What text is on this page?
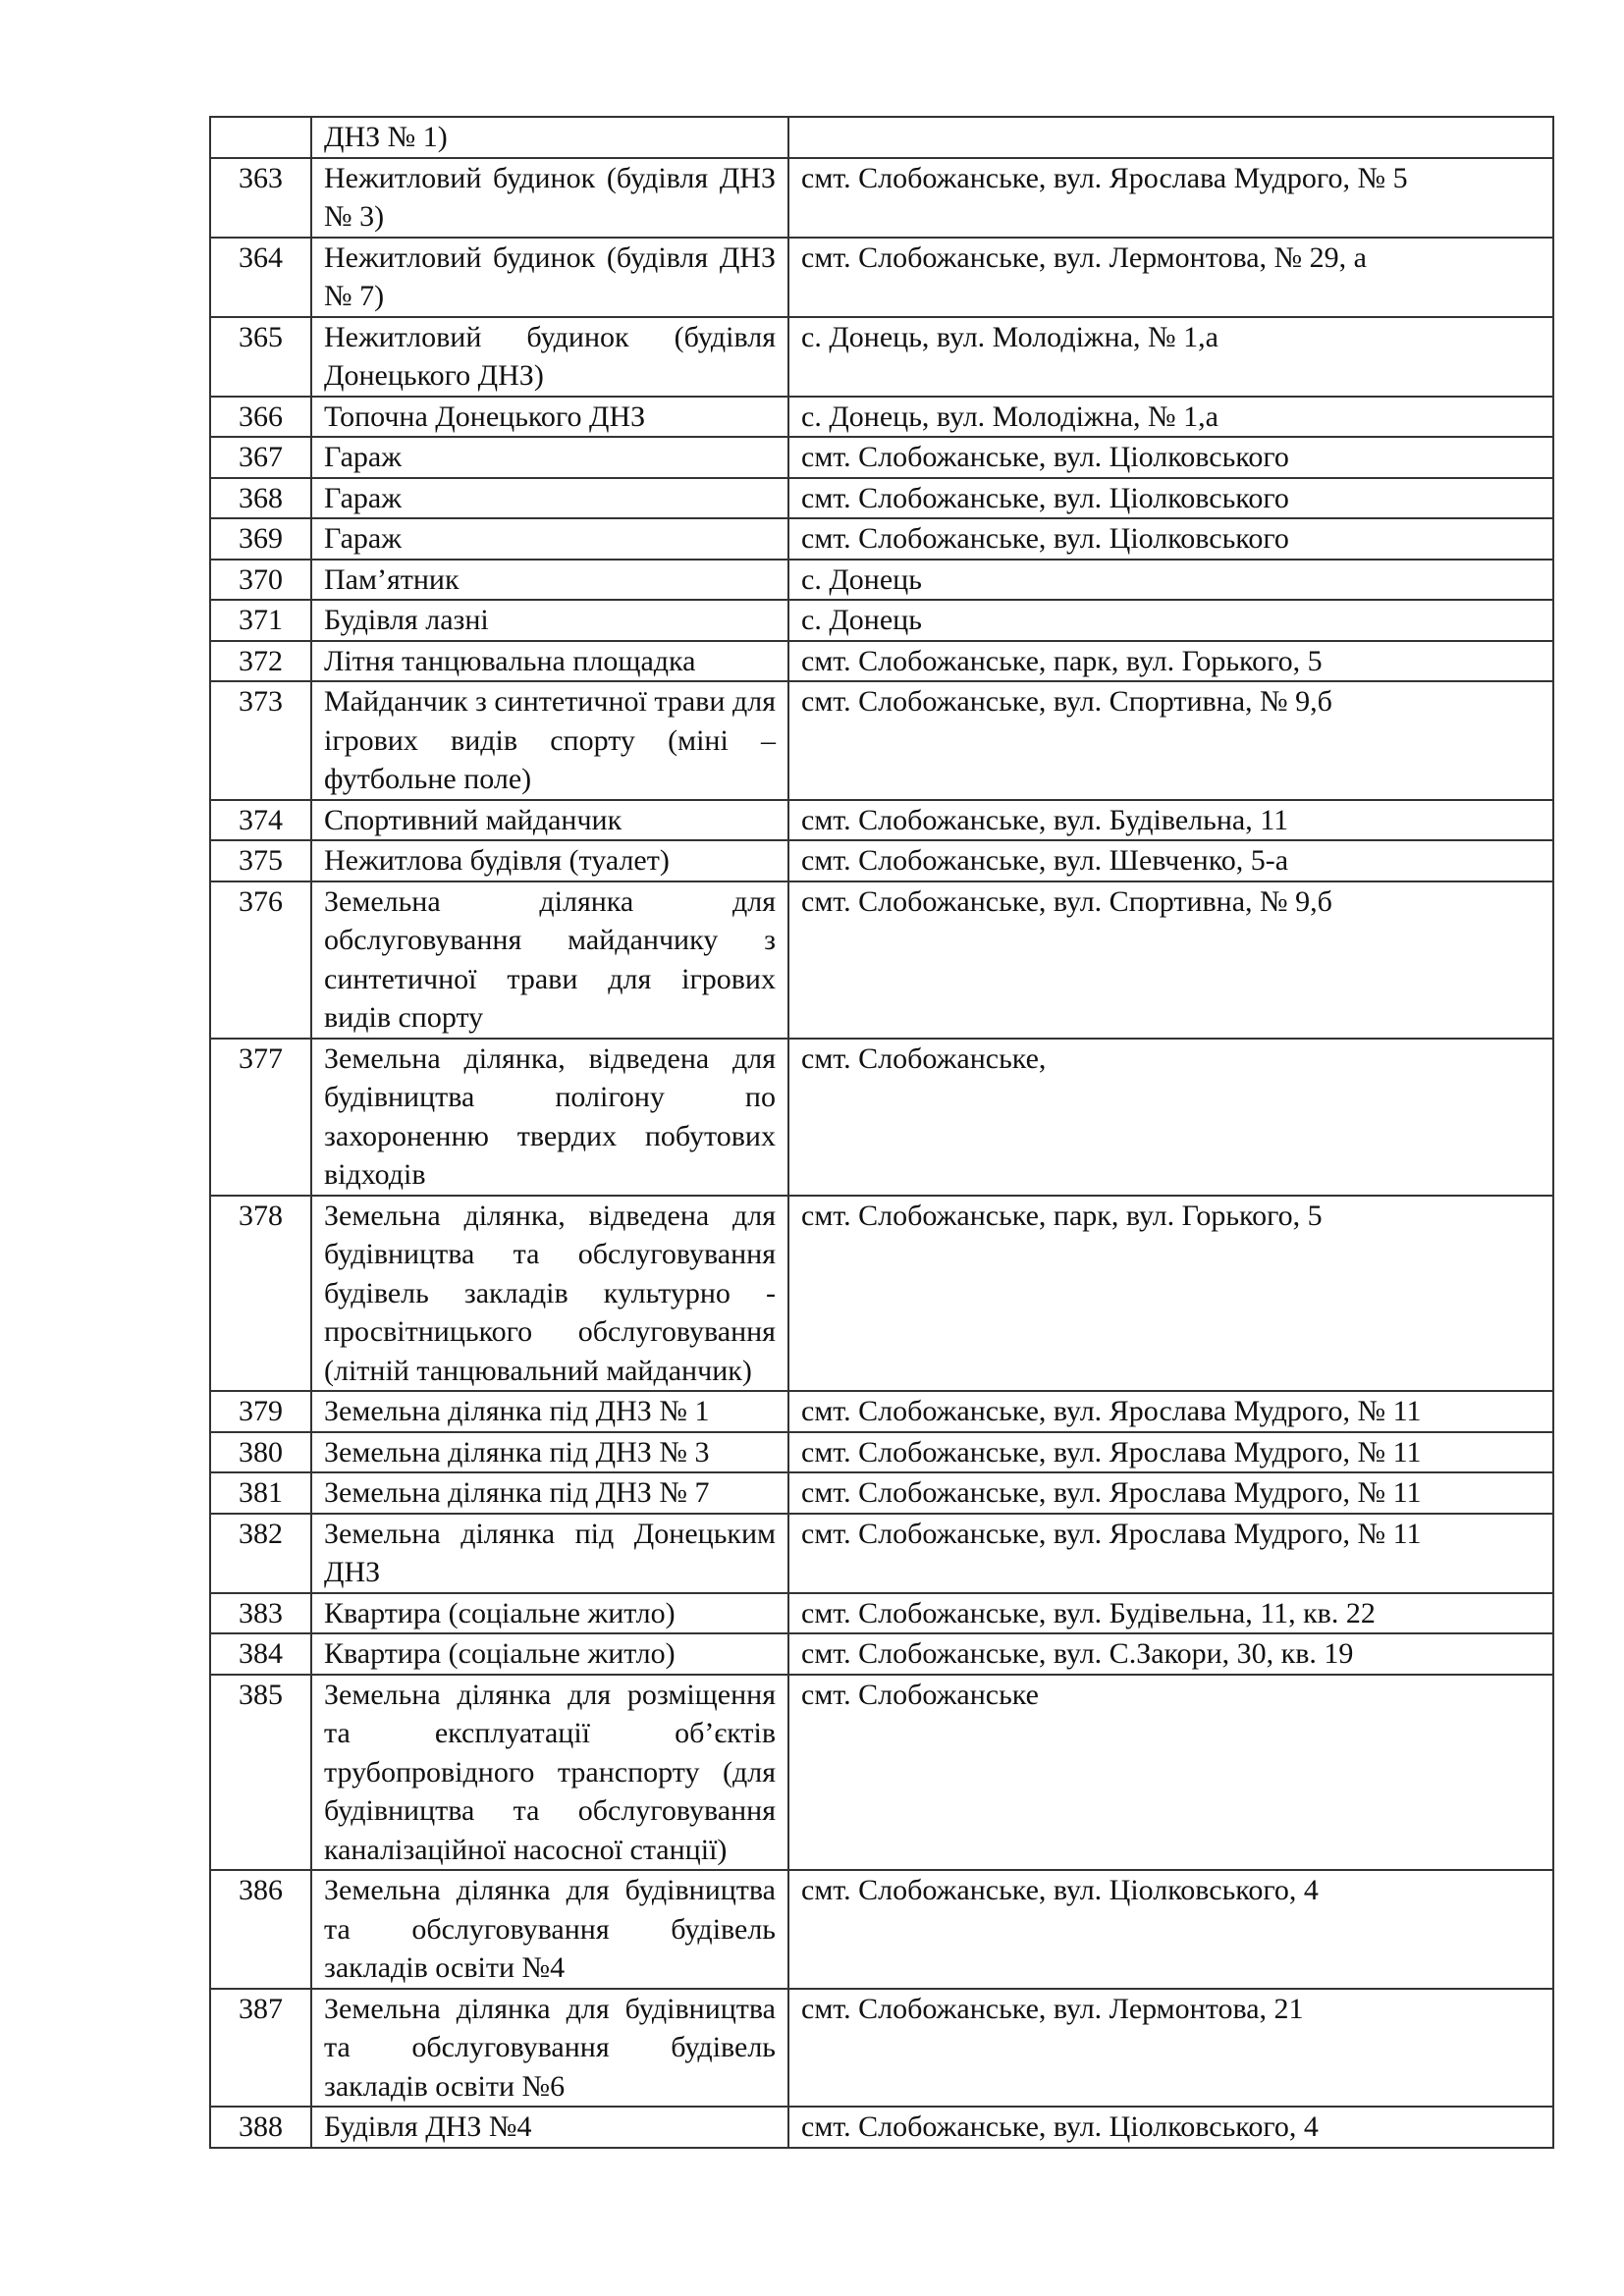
	ДНЗ № 1)	
363	Нежитловий будинок (будівля ДНЗ № 3)	смт. Слобожанське, вул. Ярослава Мудрого, № 5
364	Нежитловий будинок (будівля ДНЗ № 7)	смт. Слобожанське, вул. Лермонтова, № 29, а
365	Нежитловий будинок (будівля Донецького ДНЗ)	с. Донець, вул. Молодіжна, № 1,а
366	Топочна Донецького ДНЗ	с. Донець, вул. Молодіжна, № 1,а
367	Гараж	смт. Слобожанське, вул. Ціолковського
368	Гараж	смт. Слобожанське, вул. Ціолковського
369	Гараж	смт. Слобожанське, вул. Ціолковського
370	Пам’ятник	с. Донець
371	Будівля лазні	с. Донець
372	Літня танцювальна площадка	смт. Слобожанське, парк, вул. Горького, 5
373	Майданчик з синтетичної трави для ігрових видів спорту (міні – футбольне поле)	смт. Слобожанське, вул. Спортивна, № 9,б
374	Спортивний майданчик	смт. Слобожанське, вул. Будівельна, 11
375	Нежитлова будівля (туалет)	смт. Слобожанське, вул. Шевченко, 5-а
376	Земельна ділянка для обслуговування майданчику з синтетичної трави для ігрових видів спорту	смт. Слобожанське, вул. Спортивна, № 9,б
377	Земельна ділянка, відведена для будівництва полігону по захороненню твердих побутових відходів	смт. Слобожанське,
378	Земельна ділянка, відведена для будівництва та обслуговування будівель закладів культурно - просвітницького обслуговування (літній танцювальний майданчик)	смт. Слобожанське, парк, вул. Горького, 5
379	Земельна ділянка під ДНЗ № 1	смт. Слобожанське, вул. Ярослава Мудрого, № 11
380	Земельна ділянка під ДНЗ № 3	смт. Слобожанське, вул. Ярослава Мудрого, № 11
381	Земельна ділянка під ДНЗ № 7	смт. Слобожанське, вул. Ярослава Мудрого, № 11
382	Земельна ділянка під Донецьким ДНЗ	смт. Слобожанське, вул. Ярослава Мудрого, № 11
383	Квартира (соціальне житло)	смт. Слобожанське, вул. Будівельна, 11, кв. 22
384	Квартира (соціальне житло)	смт. Слобожанське, вул. С.Закори, 30, кв. 19
385	Земельна ділянка для розміщення та експлуатації об’єктів трубопровідного транспорту (для будівництва та обслуговування каналізаційної насосної станції)	смт. Слобожанське
386	Земельна ділянка для будівництва та обслуговування будівель закладів освіти №4	смт. Слобожанське, вул. Ціолковського, 4
387	Земельна ділянка для будівництва та обслуговування будівель закладів освіти №6	смт. Слобожанське, вул. Лермонтова, 21
388	Будівля ДНЗ №4	смт. Слобожанське, вул. Ціолковського, 4
